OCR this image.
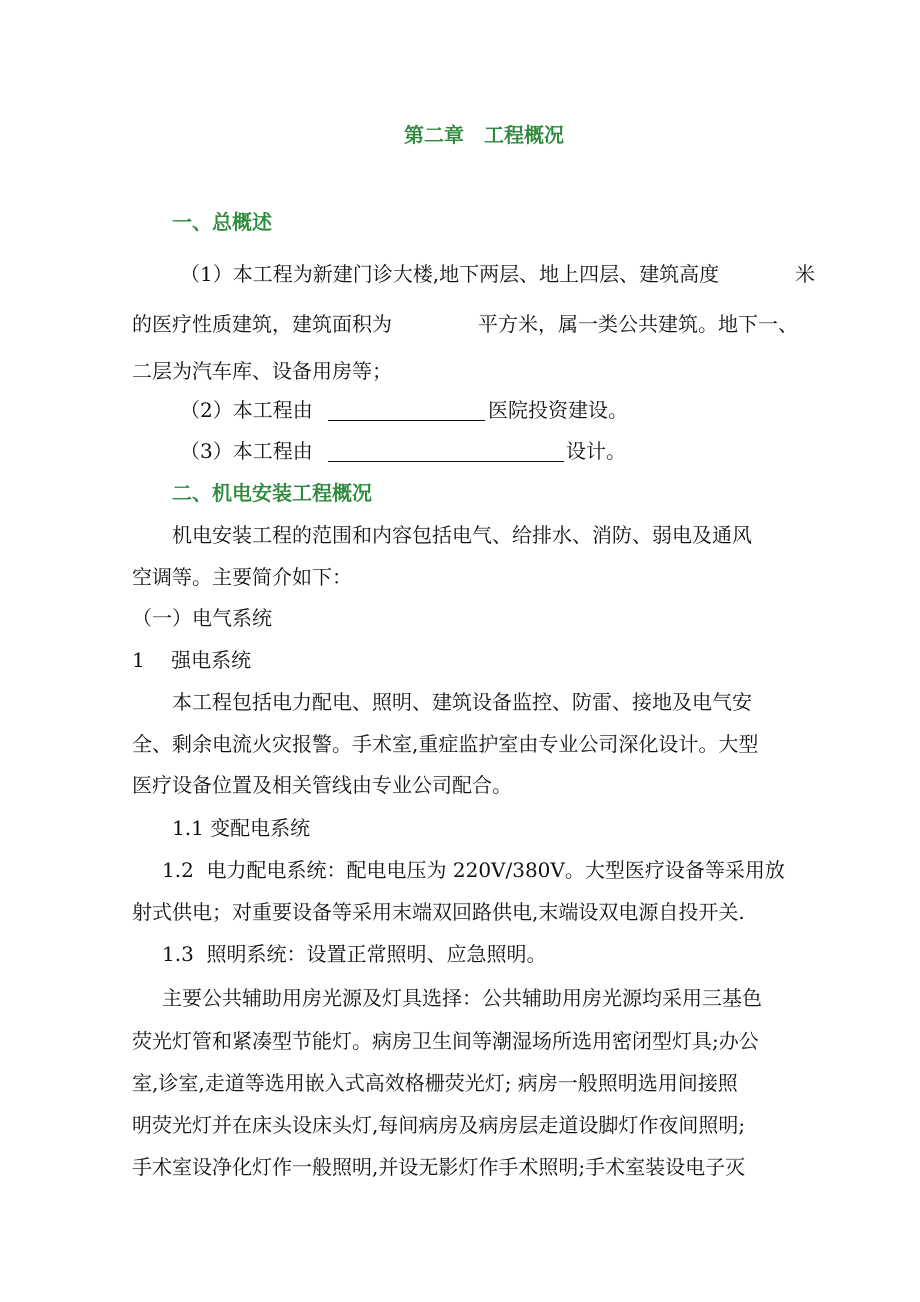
第二章　工程概况
一、总概述
（1）本工程为新建门诊大楼,地下两层、地上四层、建筑高度	米
的医疗性质建筑，建筑面积为	平方米，属一类公共建筑。地下一、
二层为汽车库、设备用房等；
（2）本工程由	医院投资建设。
（3）本工程由	设计。
二、机电安装工程概况
机电安装工程的范围和内容包括电气、给排水、消防、弱电及通风
空调等。主要简介如下：
（一）电气系统
1　 强电系统
本工程包括电力配电、照明、建筑设备监控、防雷、接地及电气安
全、剩余电流火灾报警。手术室,重症监护室由专业公司深化设计。大型
医疗设备位置及相关管线由专业公司配合。
1.1 变配电系统
1.2  电力配电系统：配电电压为 220V/380V。大型医疗设备等采用放
射式供电；对重要设备等采用末端双回路供电,末端设双电源自投开关.
1.3  照明系统：设置正常照明、应急照明。
主要公共辅助用房光源及灯具选择：公共辅助用房光源均采用三基色
荧光灯管和紧凑型节能灯。病房卫生间等潮湿场所选用密闭型灯具;办公
室,诊室,走道等选用嵌入式高效格栅荧光灯; 病房一般照明选用间接照
明荧光灯并在床头设床头灯,每间病房及病房层走道设脚灯作夜间照明;
手术室设净化灯作一般照明,并设无影灯作手术照明;手术室装设电子灭
